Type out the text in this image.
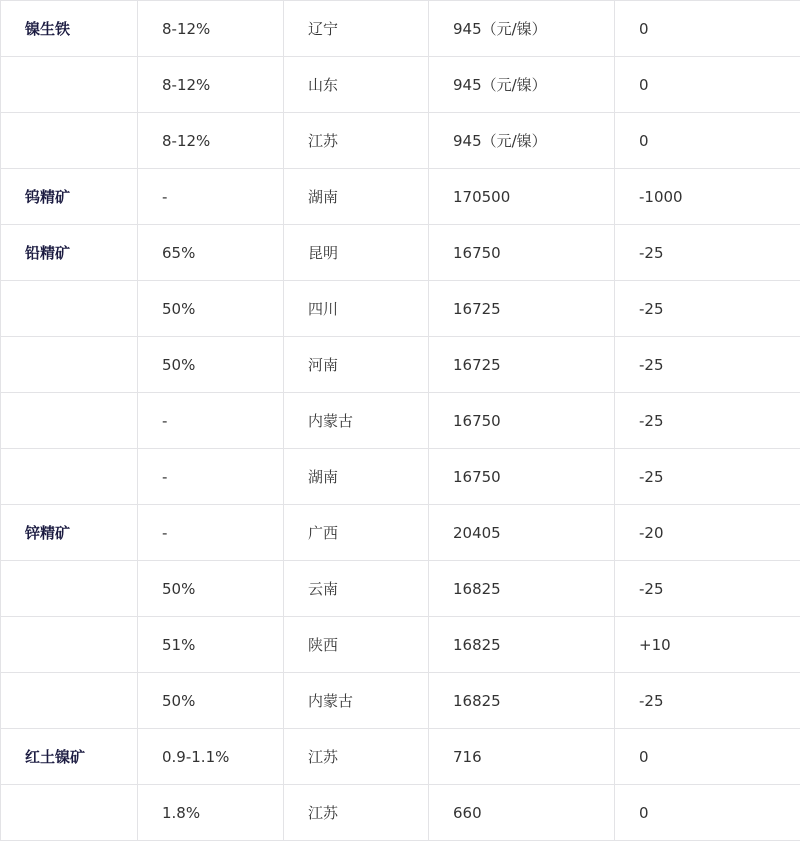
镍生铁	8-12%	辽宁	945（元/镍）	0
	8-12%	山东	945（元/镍）	0
	8-12%	江苏	945（元/镍）	0
钨精矿	-	湖南	170500	-1000
铅精矿	65%	昆明	16750	-25
	50%	四川	16725	-25
	50%	河南	16725	-25
	-	内蒙古	16750	-25
	-	湖南	16750	-25
锌精矿	-	广西	20405	-20
	50%	云南	16825	-25
	51%	陕西	16825	+10
	50%	内蒙古	16825	-25
红土镍矿	0.9-1.1%	江苏	716	0
	1.8%	江苏	660	0
